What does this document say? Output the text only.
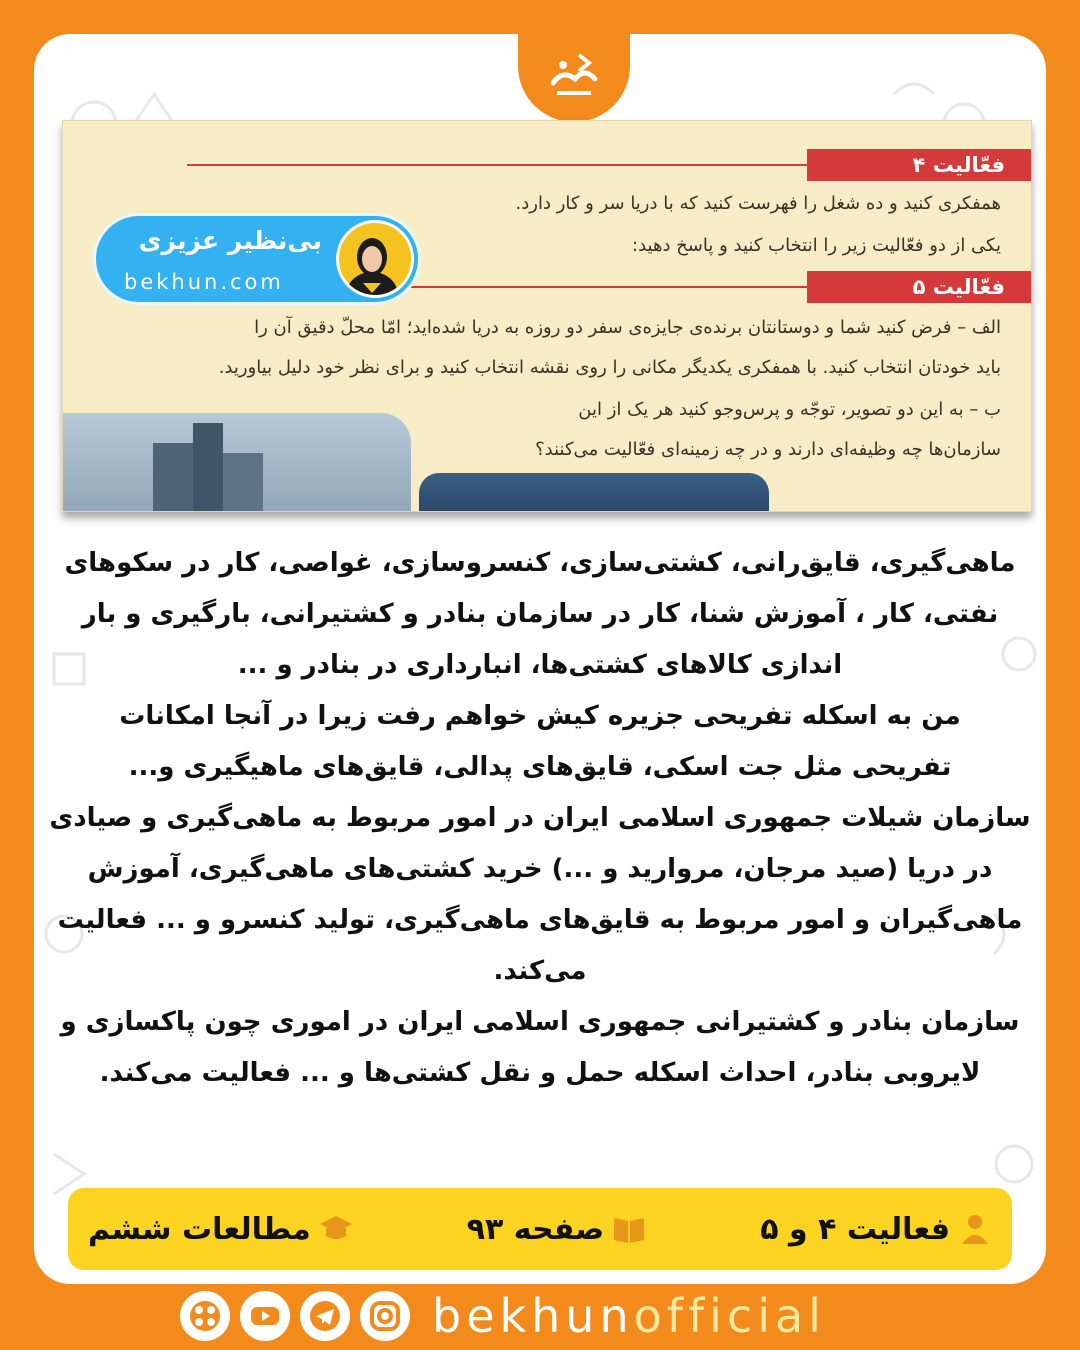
فعّالیت ۴
همفکری کنید و ده شغل را فهرست کنید که با دریا سر و کار دارد.
یکی از دو فعّالیت زیر را انتخاب کنید و پاسخ دهید:
فعّالیت ۵
الف – فرض کنید شما و دوستانتان برنده‌ی جایزه‌ی سفر دو روزه به دریا شده‌اید؛ امّا محلّ دقیق آن را
باید خودتان انتخاب کنید. با همفکری یکدیگر مکانی را روی نقشه انتخاب کنید و برای نظر خود دلیل بیاورید.
ب – به این دو تصویر، توجّه و پرس‌وجو کنید هر یک از این
سازمان‌ها چه وظیفه‌ای دارند و در چه زمینه‌ای فعّالیت می‌کنند؟
بی‌نظیر عزیزی
bekhun.com

ماهی‌گیری، قایق‌رانی، کشتی‌سازی، کنسروسازی، غواصی، کار در سکوهای نفتی، کار ، آموزش شنا، کار در سازمان بنادر و کشتیرانی، بارگیری و بار اندازی کالاهای کشتی‌ها، انبارداری در بنادر و ...

من به اسکله تفریحی جزیره کیش خواهم رفت زیرا در آنجا امکانات تفریحی مثل جت اسکی، قایق‌های پدالی، قایق‌های ماهیگیری و...

سازمان شیلات جمهوری اسلامی ایران در امور مربوط به ماهی‌گیری و صیادی در دریا (صید مرجان، مروارید و ...) خرید کشتی‌های ماهی‌گیری، آموزش ماهی‌گیران و امور مربوط به قایق‌های ماهی‌گیری، تولید کنسرو و ... فعالیت می‌کند.

سازمان بنادر و کشتیرانی جمهوری اسلامی ایران در اموری چون پاکسازی و لایروبی بنادر، احداث اسکله حمل و نقل کشتی‌ها و ... فعالیت می‌کند.

فعالیت ۴ و ۵
صفحه ۹۳
مطالعات ششم
bekhunofficial
